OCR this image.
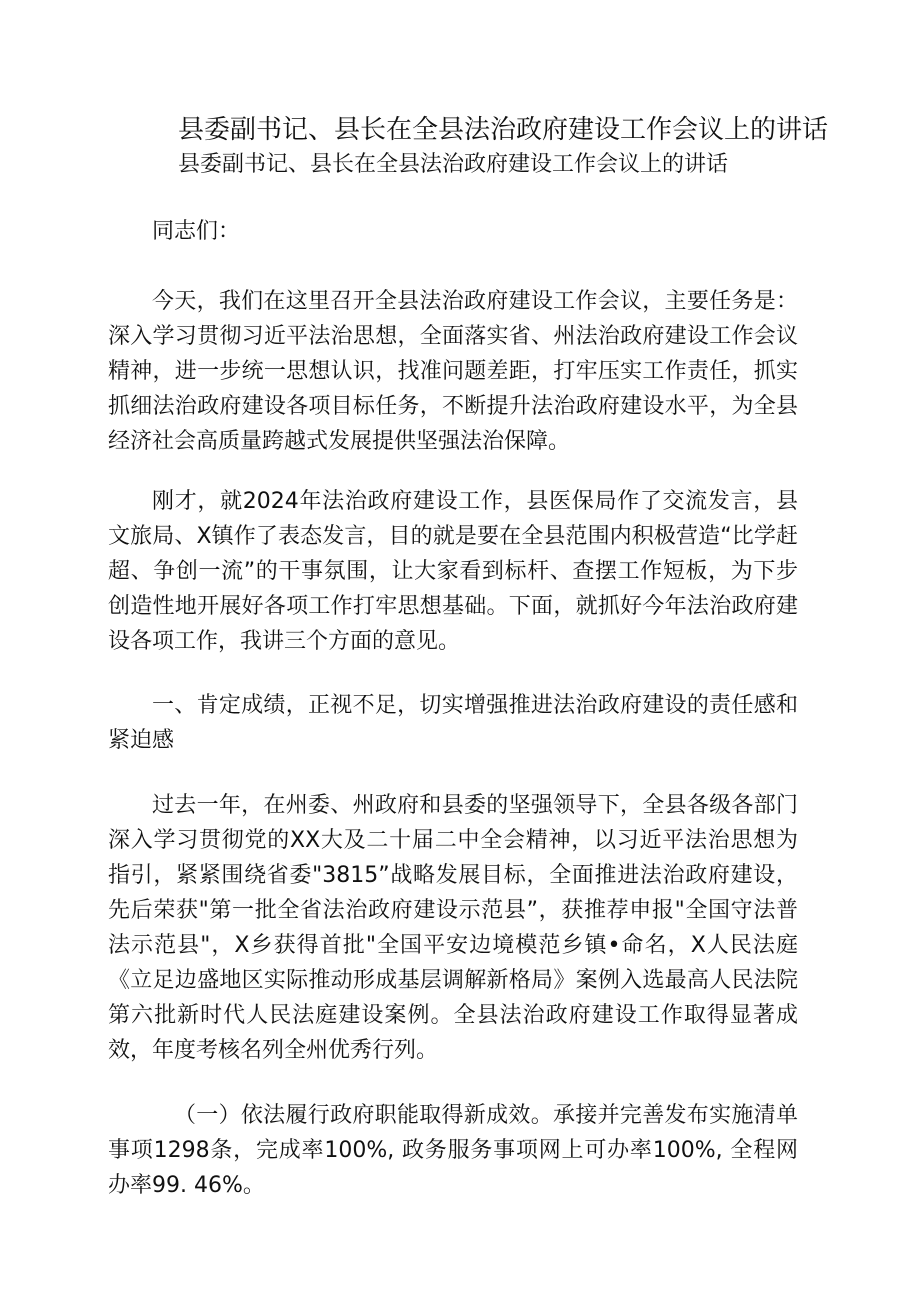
县委副书记、县长在全县法治政府建设工作会议上的讲话
县委副书记、县长在全县法治政府建设工作会议上的讲话

同志们：

今天，我们在这里召开全县法治政府建设工作会议，主要任务是：深入学习贯彻习近平法治思想，全面落实省、州法治政府建设工作会议精神，进一步统一思想认识，找准问题差距，打牢压实工作责任，抓实抓细法治政府建设各项目标任务，不断提升法治政府建设水平，为全县经济社会高质量跨越式发展提供坚强法治保障。

刚才，就2024年法治政府建设工作，县医保局作了交流发言，县文旅局、X镇作了表态发言，目的就是要在全县范围内积极营造“比学赶超、争创一流”的干事氛围，让大家看到标杆、查摆工作短板，为下步创造性地开展好各项工作打牢思想基础。下面，就抓好今年法治政府建设各项工作，我讲三个方面的意见。

一、肯定成绩，正视不足，切实增强推进法治政府建设的责任感和紧迫感

过去一年，在州委、州政府和县委的坚强领导下，全县各级各部门深入学习贯彻党的XX大及二十届二中全会精神，以习近平法治思想为指引，紧紧围绕省委"3815”战略发展目标，全面推进法治政府建设，先后荣获"第一批全省法治政府建设示范县”，获推荐申报"全国守法普法示范县"，X乡获得首批"全国平安边境模范乡镇•命名，X人民法庭《立足边盛地区实际推动形成基层调解新格局》案例入选最高人民法院第六批新时代人民法庭建设案例。全县法治政府建设工作取得显著成效，年度考核名列全州优秀行列。

（一）依法履行政府职能取得新成效。承接并完善发布实施清单事项1298条，完成率100%, 政务服务事项网上可办率100%, 全程网办率99. 46%。
